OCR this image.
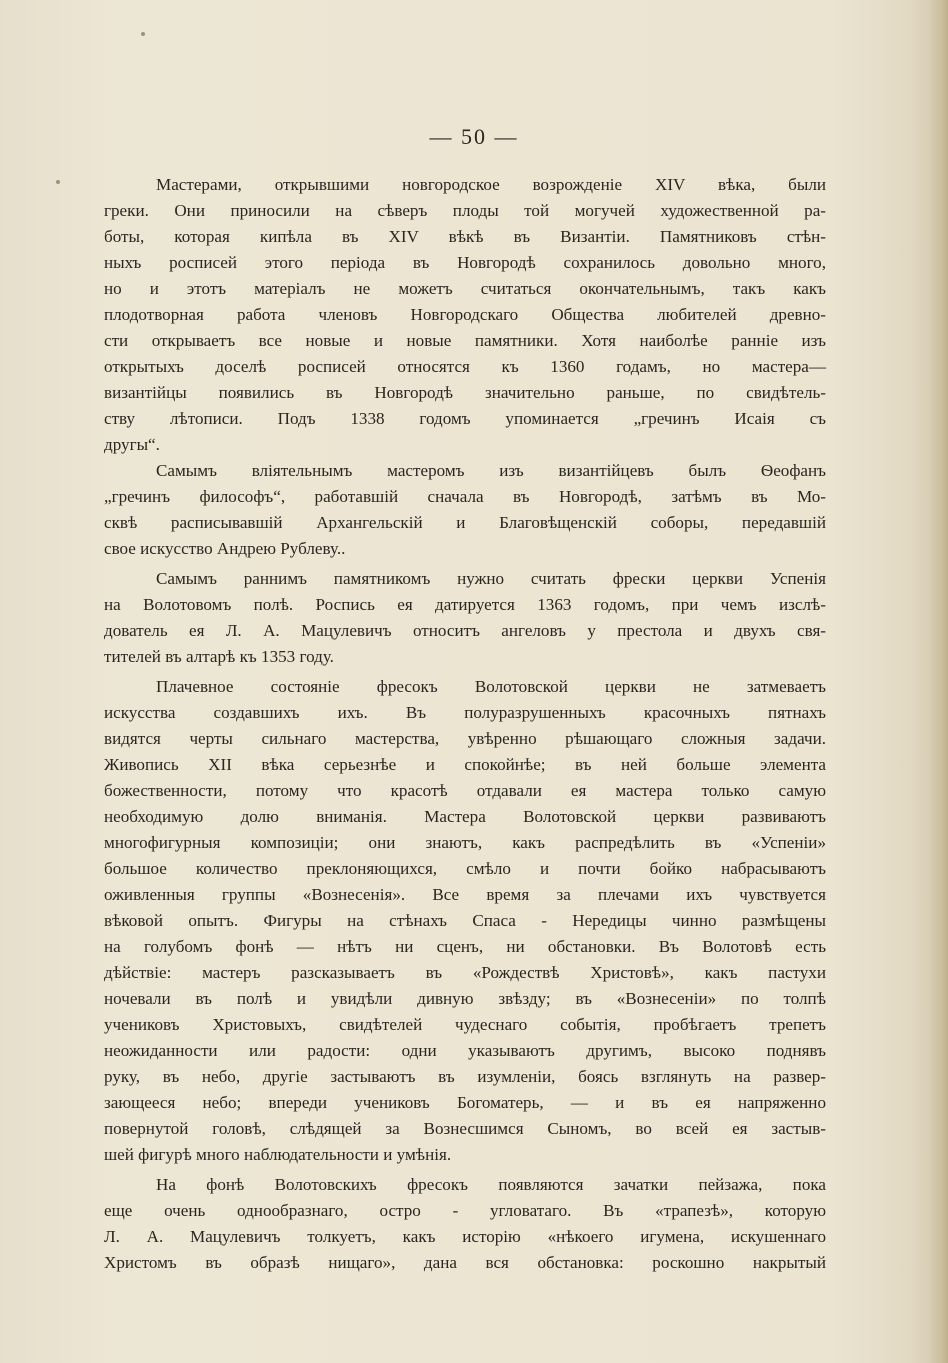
— 50 —
Мастерами, открывшими новгородское возрожденіе XIV вѣка, были
греки. Они приносили на сѣверъ плоды той могучей художественной ра-
боты, которая кипѣла въ XIV вѣкѣ въ Византіи. Памятниковъ стѣн-
ныхъ росписей этого періода въ Новгородѣ сохранилось довольно много,
но и этотъ матеріалъ не можетъ считаться окончательнымъ, такъ какъ
плодотворная работа членовъ Новгородскаго Общества любителей древно-
сти открываетъ все новые и новые памятники. Хотя наиболѣе ранніе изъ
открытыхъ доселѣ росписей относятся къ 1360 годамъ, но мастера—
византійцы появились въ Новгородѣ значительно раньше, по свидѣтель-
ству лѣтописи. Подъ 1338 годомъ упоминается „гречинъ Исаія съ
другы“.
Самымъ вліятельнымъ мастеромъ изъ византійцевъ былъ Ѳеофанъ
„гречинъ философъ“, работавшій сначала въ Новгородѣ, затѣмъ въ Мо-
сквѣ расписывавшій Архангельскій и Благовѣщенскій соборы, передавшій
свое искусство Андрею Рублеву..
Самымъ раннимъ памятникомъ нужно считать фрески церкви Успенія
на Волотовомъ полѣ. Роспись ея датируется 1363 годомъ, при чемъ изслѣ-
дователь ея Л. А. Мацулевичъ относитъ ангеловъ у престола и двухъ свя-
тителей въ алтарѣ къ 1353 году.
Плачевное состояніе фресокъ Волотовской церкви не затмеваетъ
искусства создавшихъ ихъ. Въ полуразрушенныхъ красочныхъ пятнахъ
видятся черты сильнаго мастерства, увѣренно рѣшающаго сложныя задачи.
Живопись XII вѣка серьезнѣе и спокойнѣе; въ ней больше элемента
божественности, потому что красотѣ отдавали ея мастера только самую
необходимую долю вниманія. Мастера Волотовской церкви развиваютъ
многофигурныя композиціи; они знаютъ, какъ распредѣлить въ «Успеніи»
большое количество преклоняющихся, смѣло и почти бойко набрасываютъ
оживленныя группы «Вознесенія». Все время за плечами ихъ чувствуется
вѣковой опытъ. Фигуры на стѣнахъ Спаса - Нередицы чинно размѣщены
на голубомъ фонѣ — нѣтъ ни сценъ, ни обстановки. Въ Волотовѣ есть
дѣйствіе: мастеръ разсказываетъ въ «Рождествѣ Христовѣ», какъ пастухи
ночевали въ полѣ и увидѣли дивную звѣзду; въ «Вознесеніи» по толпѣ
учениковъ Христовыхъ, свидѣтелей чудеснаго событія, пробѣгаетъ трепетъ
неожиданности или радости: одни указываютъ другимъ, высоко поднявъ
руку, въ небо, другіе застываютъ въ изумленіи, боясь взглянуть на развер-
зающееся небо; впереди учениковъ Богоматерь, — и въ ея напряженно
повернутой головѣ, слѣдящей за Вознесшимся Сыномъ, во всей ея застыв-
шей фигурѣ много наблюдательности и умѣнія.
На фонѣ Волотовскихъ фресокъ появляются зачатки пейзажа, пока
еще очень однообразнаго, остро - угловатаго. Въ «трапезѣ», которую
Л. А. Мацулевичъ толкуетъ, какъ исторію «нѣкоего игумена, искушеннаго
Христомъ въ образѣ нищаго», дана вся обстановка: роскошно накрытый
